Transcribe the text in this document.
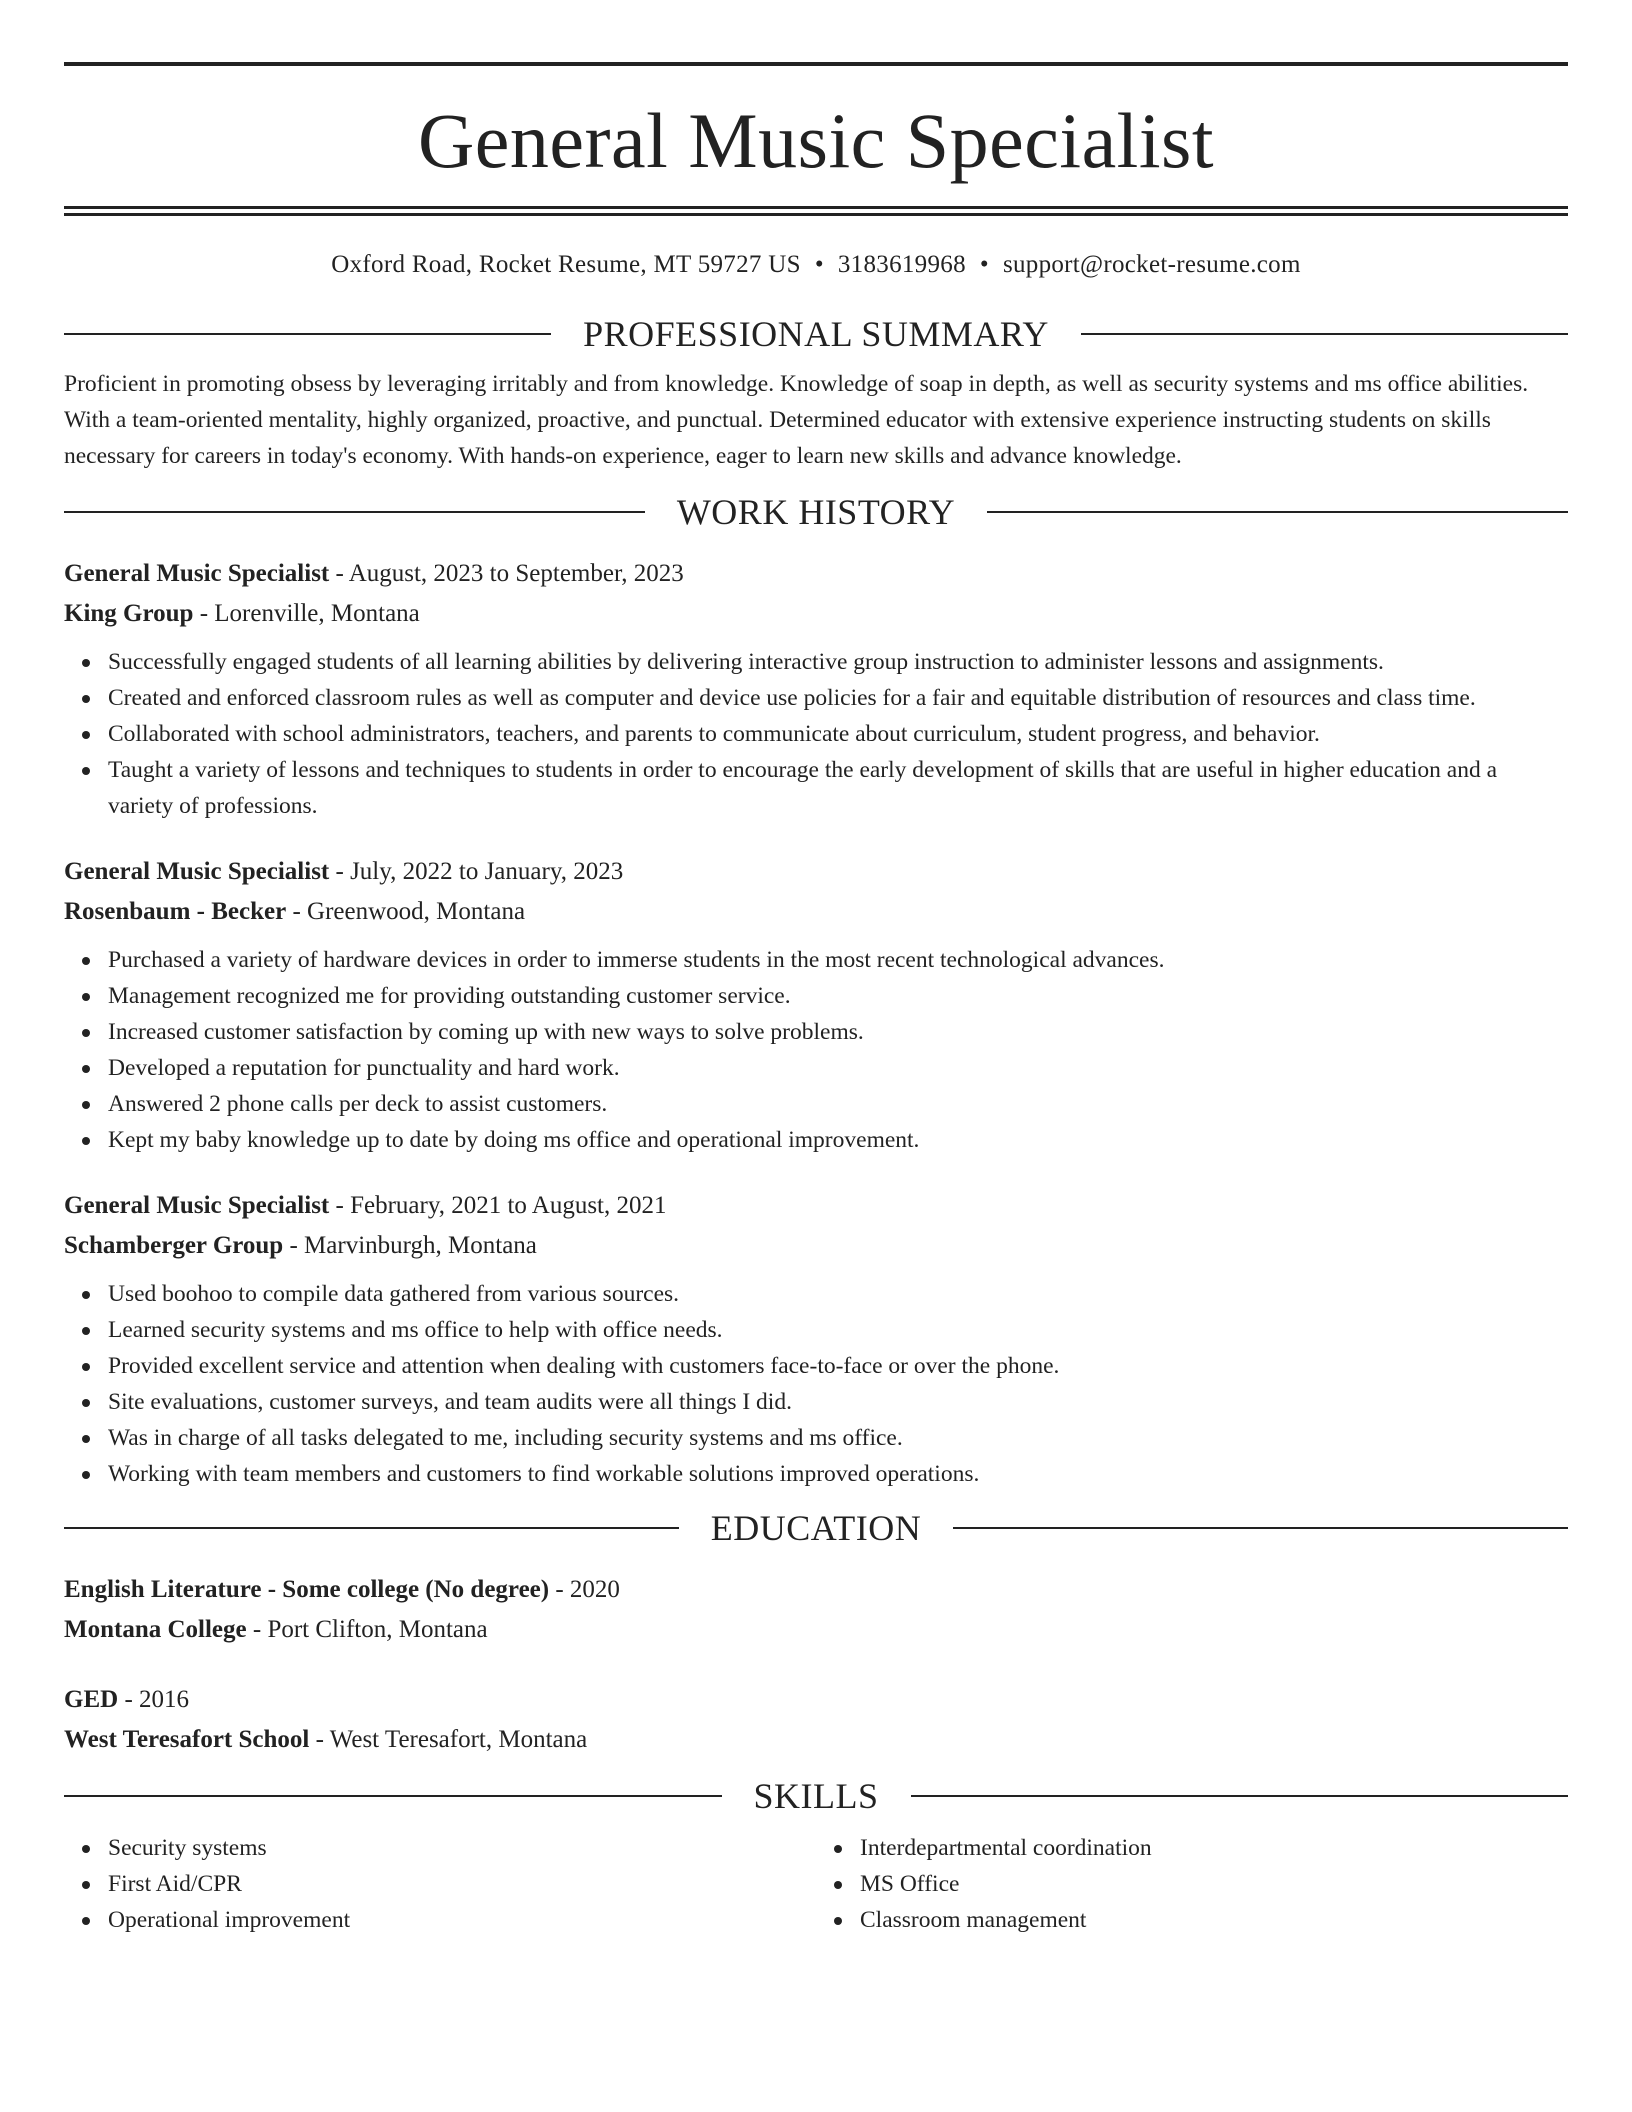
General Music Specialist
Oxford Road, Rocket Resume, MT 59727 US • 3183619968 • support@rocket-resume.com
PROFESSIONAL SUMMARY

Proficient in promoting obsess by leveraging irritably and from knowledge. Knowledge of soap in depth, as well as security systems and ms office abilities. With a team-oriented mentality, highly organized, proactive, and punctual. Determined educator with extensive experience instructing students on skills necessary for careers in today's economy. With hands-on experience, eager to learn new skills and advance knowledge.

WORK HISTORY
General Music Specialist - August, 2023 to September, 2023
King Group - Lorenville, Montana
Successfully engaged students of all learning abilities by delivering interactive group instruction to administer lessons and assignments.
Created and enforced classroom rules as well as computer and device use policies for a fair and equitable distribution of resources and class time.
Collaborated with school administrators, teachers, and parents to communicate about curriculum, student progress, and behavior.
Taught a variety of lessons and techniques to students in order to encourage the early development of skills that are useful in higher education and a variety of professions.
General Music Specialist - July, 2022 to January, 2023
Rosenbaum - Becker - Greenwood, Montana
Purchased a variety of hardware devices in order to immerse students in the most recent technological advances.
Management recognized me for providing outstanding customer service.
Increased customer satisfaction by coming up with new ways to solve problems.
Developed a reputation for punctuality and hard work.
Answered 2 phone calls per deck to assist customers.
Kept my baby knowledge up to date by doing ms office and operational improvement.
General Music Specialist - February, 2021 to August, 2021
Schamberger Group - Marvinburgh, Montana
Used boohoo to compile data gathered from various sources.
Learned security systems and ms office to help with office needs.
Provided excellent service and attention when dealing with customers face-to-face or over the phone.
Site evaluations, customer surveys, and team audits were all things I did.
Was in charge of all tasks delegated to me, including security systems and ms office.
Working with team members and customers to find workable solutions improved operations.
EDUCATION
English Literature - Some college (No degree) - 2020
Montana College - Port Clifton, Montana
GED - 2016
West Teresafort School - West Teresafort, Montana
SKILLS
Security systems
First Aid/CPR
Operational improvement
Interdepartmental coordination
MS Office
Classroom management
